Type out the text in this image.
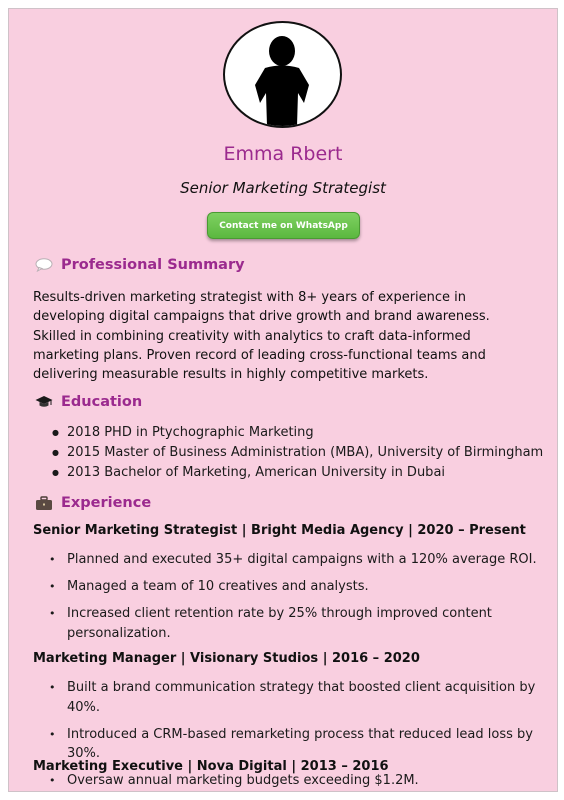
Emma Rbert
Senior Marketing Strategist
Contact me on WhatsApp
Professional Summary
Results-driven marketing strategist with 8+ years of experience in developing digital campaigns that drive growth and brand awareness. Skilled in combining creativity with analytics to craft data-informed marketing plans. Proven record of leading cross-functional teams and delivering measurable results in highly competitive markets.
Education
● 2018 PHD in Ptychographic Marketing
● 2015 Master of Business Administration (MBA), University of Birmingham
● 2013 Bachelor of Marketing, American University in Dubai
Experience
Senior Marketing Strategist | Bright Media Agency | 2020 – Present
• Planned and executed 35+ digital campaigns with a 120% average ROI.
• Managed a team of 10 creatives and analysts.
• Increased client retention rate by 25% through improved content personalization.
Marketing Manager | Visionary Studios | 2016 – 2020
• Built a brand communication strategy that boosted client acquisition by 40%.
• Introduced a CRM-based remarketing process that reduced lead loss by 30%.
• Oversaw annual marketing budgets exceeding $1.2M.
Marketing Executive | Nova Digital | 2013 – 2016
